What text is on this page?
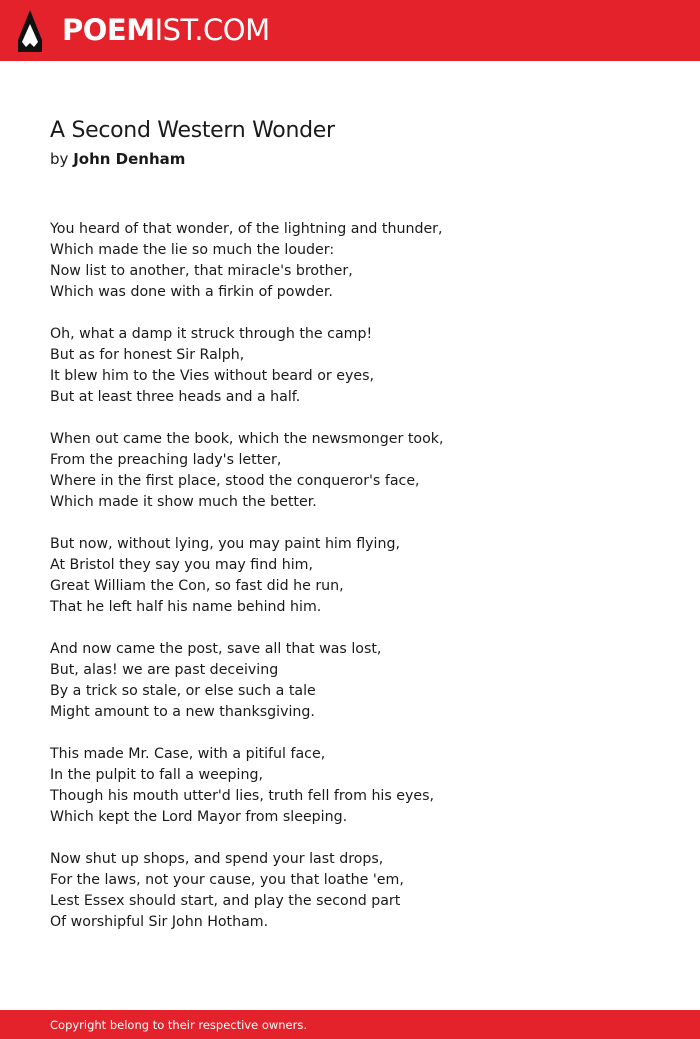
POEMIST.COM
A Second Western Wonder
by John Denham
You heard of that wonder, of the lightning and thunder,
Which made the lie so much the louder:
Now list to another, that miracle's brother,
Which was done with a firkin of powder.
Oh, what a damp it struck through the camp!
But as for honest Sir Ralph,
It blew him to the Vies without beard or eyes,
But at least three heads and a half.
When out came the book, which the newsmonger took,
From the preaching lady's letter,
Where in the first place, stood the conqueror's face,
Which made it show much the better.
But now, without lying, you may paint him flying,
At Bristol they say you may find him,
Great William the Con, so fast did he run,
That he left half his name behind him.
And now came the post, save all that was lost,
But, alas! we are past deceiving
By a trick so stale, or else such a tale
Might amount to a new thanksgiving.
This made Mr. Case, with a pitiful face,
In the pulpit to fall a weeping,
Though his mouth utter'd lies, truth fell from his eyes,
Which kept the Lord Mayor from sleeping.
Now shut up shops, and spend your last drops,
For the laws, not your cause, you that loathe 'em,
Lest Essex should start, and play the second part
Of worshipful Sir John Hotham.
Copyright belong to their respective owners.
